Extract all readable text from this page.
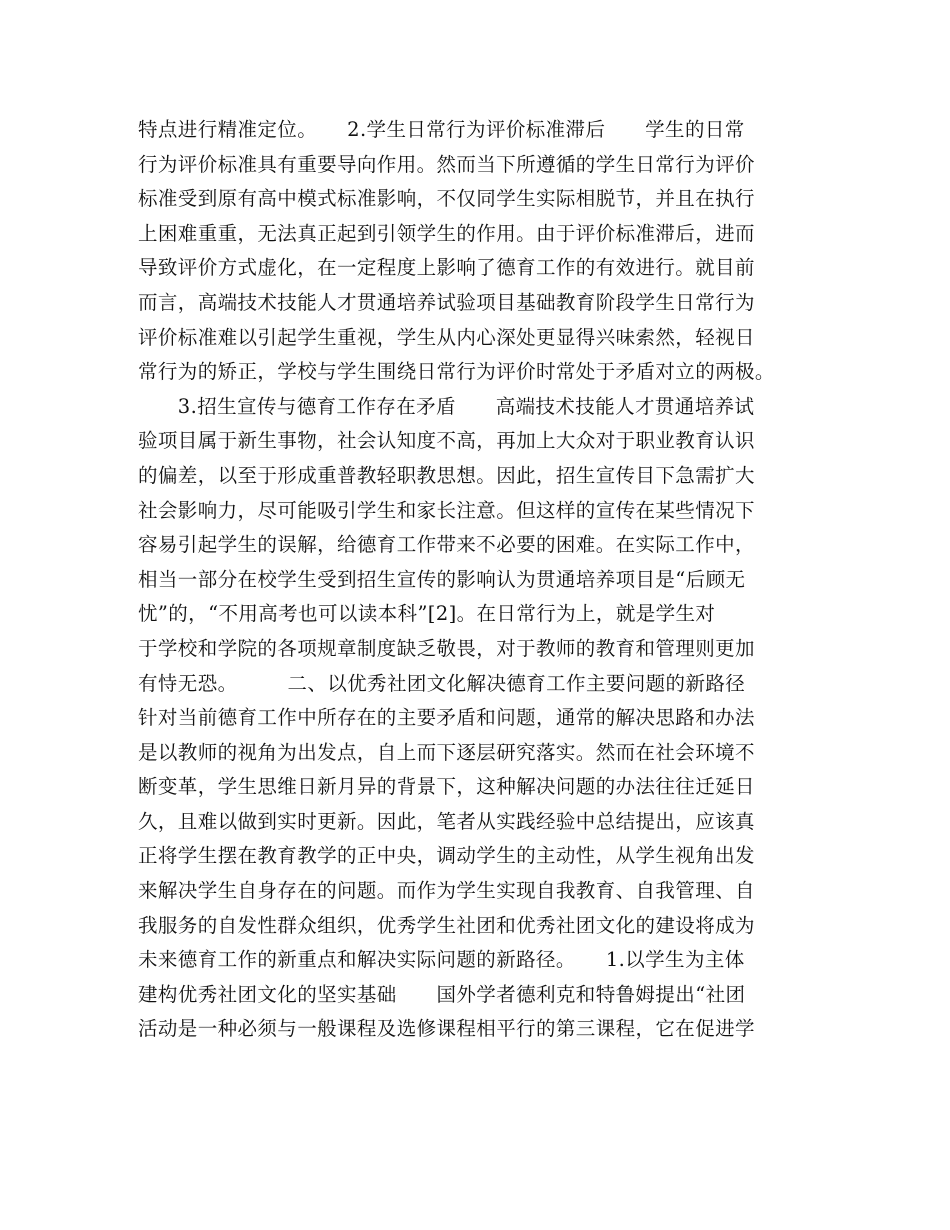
特点进行精准定位。　　2.学生日常行为评价标准滞后　　学生的日常
行为评价标准具有重要导向作用。然而当下所遵循的学生日常行为评价
标准受到原有高中模式标准影响，不仅同学生实际相脱节，并且在执行
上困难重重，无法真正起到引领学生的作用。由于评价标准滞后，进而
导致评价方式虚化，在一定程度上影响了德育工作的有效进行。就目前
而言，高端技术技能人才贯通培养试验项目基础教育阶段学生日常行为
评价标准难以引起学生重视，学生从内心深处更显得兴味索然，轻视日
常行为的矫正，学校与学生围绕日常行为评价时常处于矛盾对立的两极。
　　3.招生宣传与德育工作存在矛盾　　高端技术技能人才贯通培养试
验项目属于新生事物，社会认知度不高，再加上大众对于职业教育认识
的偏差，以至于形成重普教轻职教思想。因此，招生宣传目下急需扩大
社会影响力，尽可能吸引学生和家长注意。但这样的宣传在某些情况下
容易引起学生的误解，给德育工作带来不必要的困难。在实际工作中，
相当一部分在校学生受到招生宣传的影响认为贯通培养项目是“后顾无
忧”的，“不用高考也可以读本科”[2]。在日常行为上，就是学生对
于学校和学院的各项规章制度缺乏敬畏，对于教师的教育和管理则更加
有恃无恐。　　　二、以优秀社团文化解决德育工作主要问题的新路径
针对当前德育工作中所存在的主要矛盾和问题，通常的解决思路和办法
是以教师的视角为出发点，自上而下逐层研究落实。然而在社会环境不
断变革，学生思维日新月异的背景下，这种解决问题的办法往往迁延日
久，且难以做到实时更新。因此，笔者从实践经验中总结提出，应该真
正将学生摆在教育教学的正中央，调动学生的主动性，从学生视角出发
来解决学生自身存在的问题。而作为学生实现自我教育、自我管理、自
我服务的自发性群众组织，优秀学生社团和优秀社团文化的建设将成为
未来德育工作的新重点和解决实际问题的新路径。　　1.以学生为主体
建构优秀社团文化的坚实基础　　国外学者德利克和特鲁姆提出“社团
活动是一种必须与一般课程及选修课程相平行的第三课程，它在促进学
